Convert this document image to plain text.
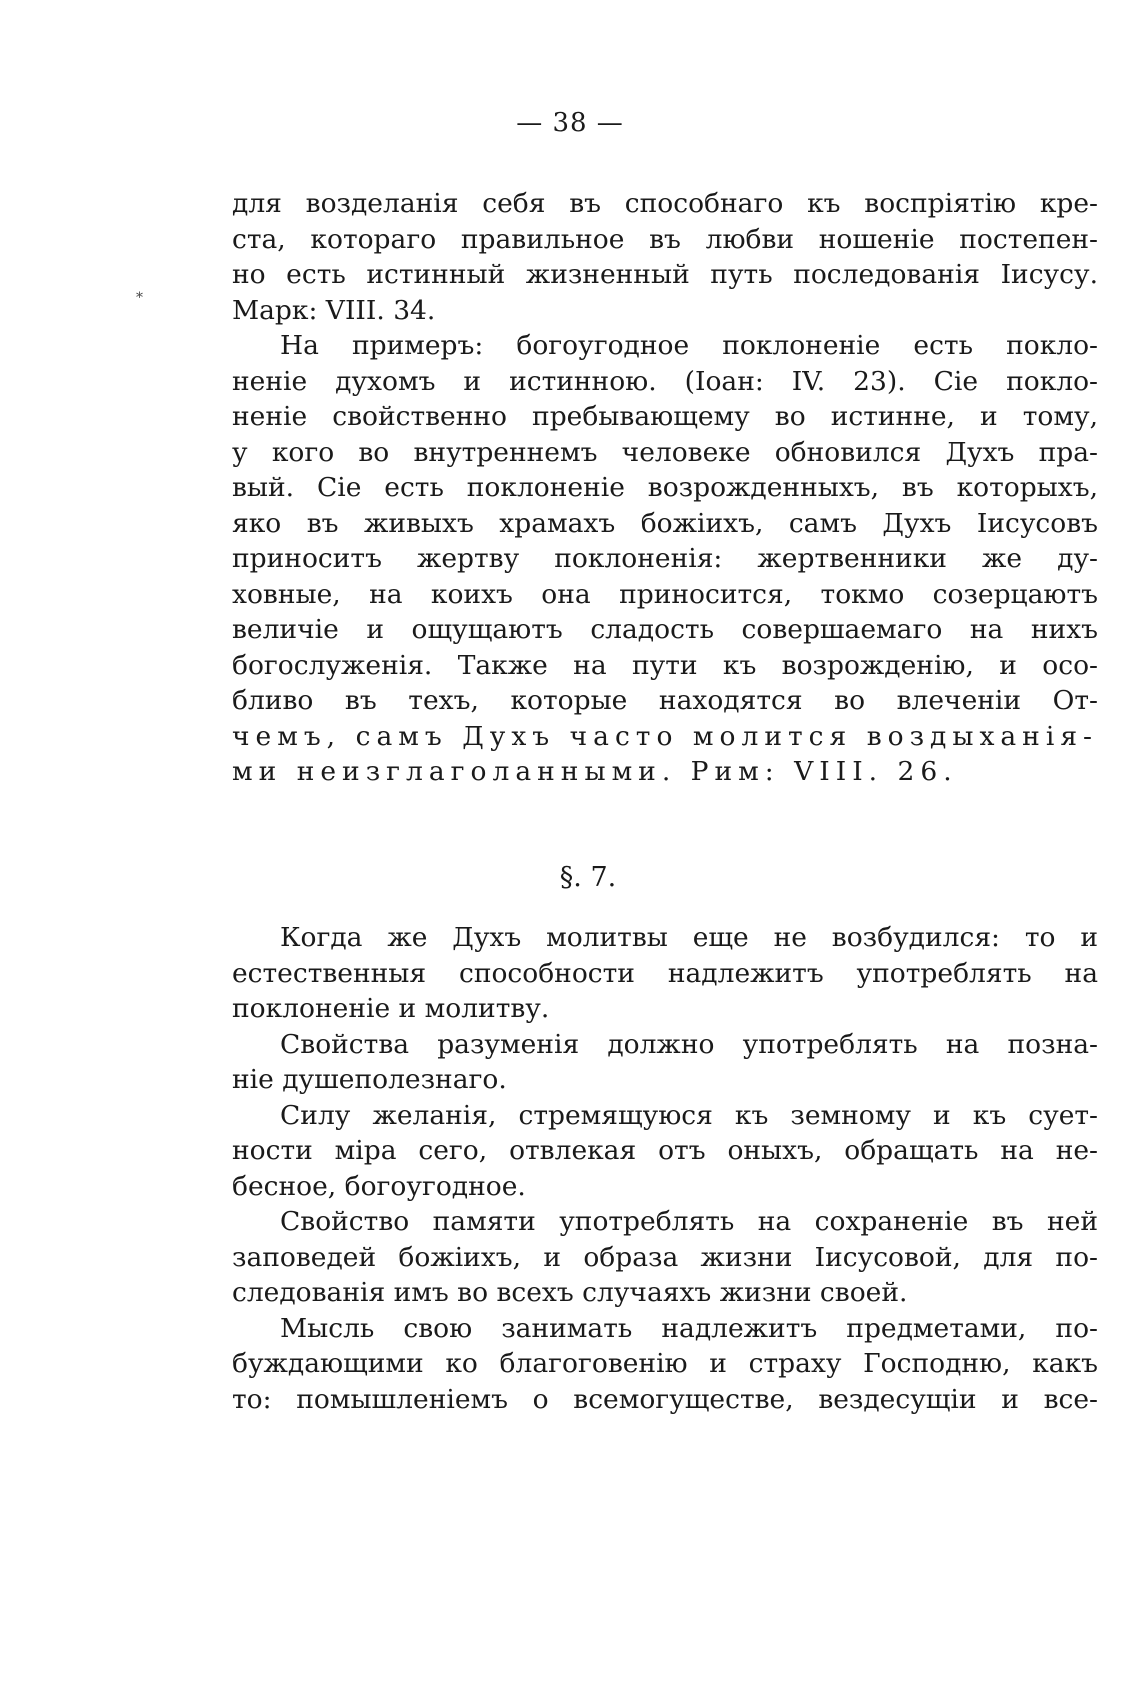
— 38 —
*
для возделанія себя въ способнаго къ воспріятію кре-
ста, котораго правильное въ любви ношеніе постепен-
но есть истинный жизненный путь последованія Іисусу.
Марк: VIII. 34.
На примеръ: богоугодное поклоненіе есть покло-
неніе духомъ и истинною. (Іоан: IV. 23). Сіе покло-
неніе свойственно пребывающему во истинне, и тому,
у кого во внутреннемъ человеке обновился Духъ пра-
вый. Сіе есть поклоненіе возрожденныхъ, въ которыхъ,
яко въ живыхъ храмахъ божіихъ, самъ Духъ Іисусовъ
приноситъ жертву поклоненія: жертвенники же ду-
ховные, на коихъ она приносится, токмо созерцаютъ
величіе и ощущаютъ сладость совершаемаго на нихъ
богослуженія. Также на пути къ возрожденію, и осо-
бливо въ техъ, которые находятся во влеченіи От-
чемъ, самъ Духъ часто молится воздыханія-
ми неизглаголанными. Рим: VIII. 26.
§. 7.
Когда же Духъ молитвы еще не возбудился: то и
естественныя способности надлежитъ употреблять на
поклоненіе и молитву.
Свойства разуменія должно употреблять на позна-
ніе душеполезнаго.
Силу желанія, стремящуюся къ земному и къ сует-
ности міра сего, отвлекая отъ оныхъ, обращать на не-
бесное, богоугодное.
Свойство памяти употреблять на сохраненіе въ ней
заповедей божіихъ, и образа жизни Іисусовой, для по-
следованія имъ во всехъ случаяхъ жизни своей.
Мысль свою занимать надлежитъ предметами, по-
буждающими ко благоговенію и страху Господню, какъ
то: помышленіемъ о всемогуществе, вездесущіи и все-
